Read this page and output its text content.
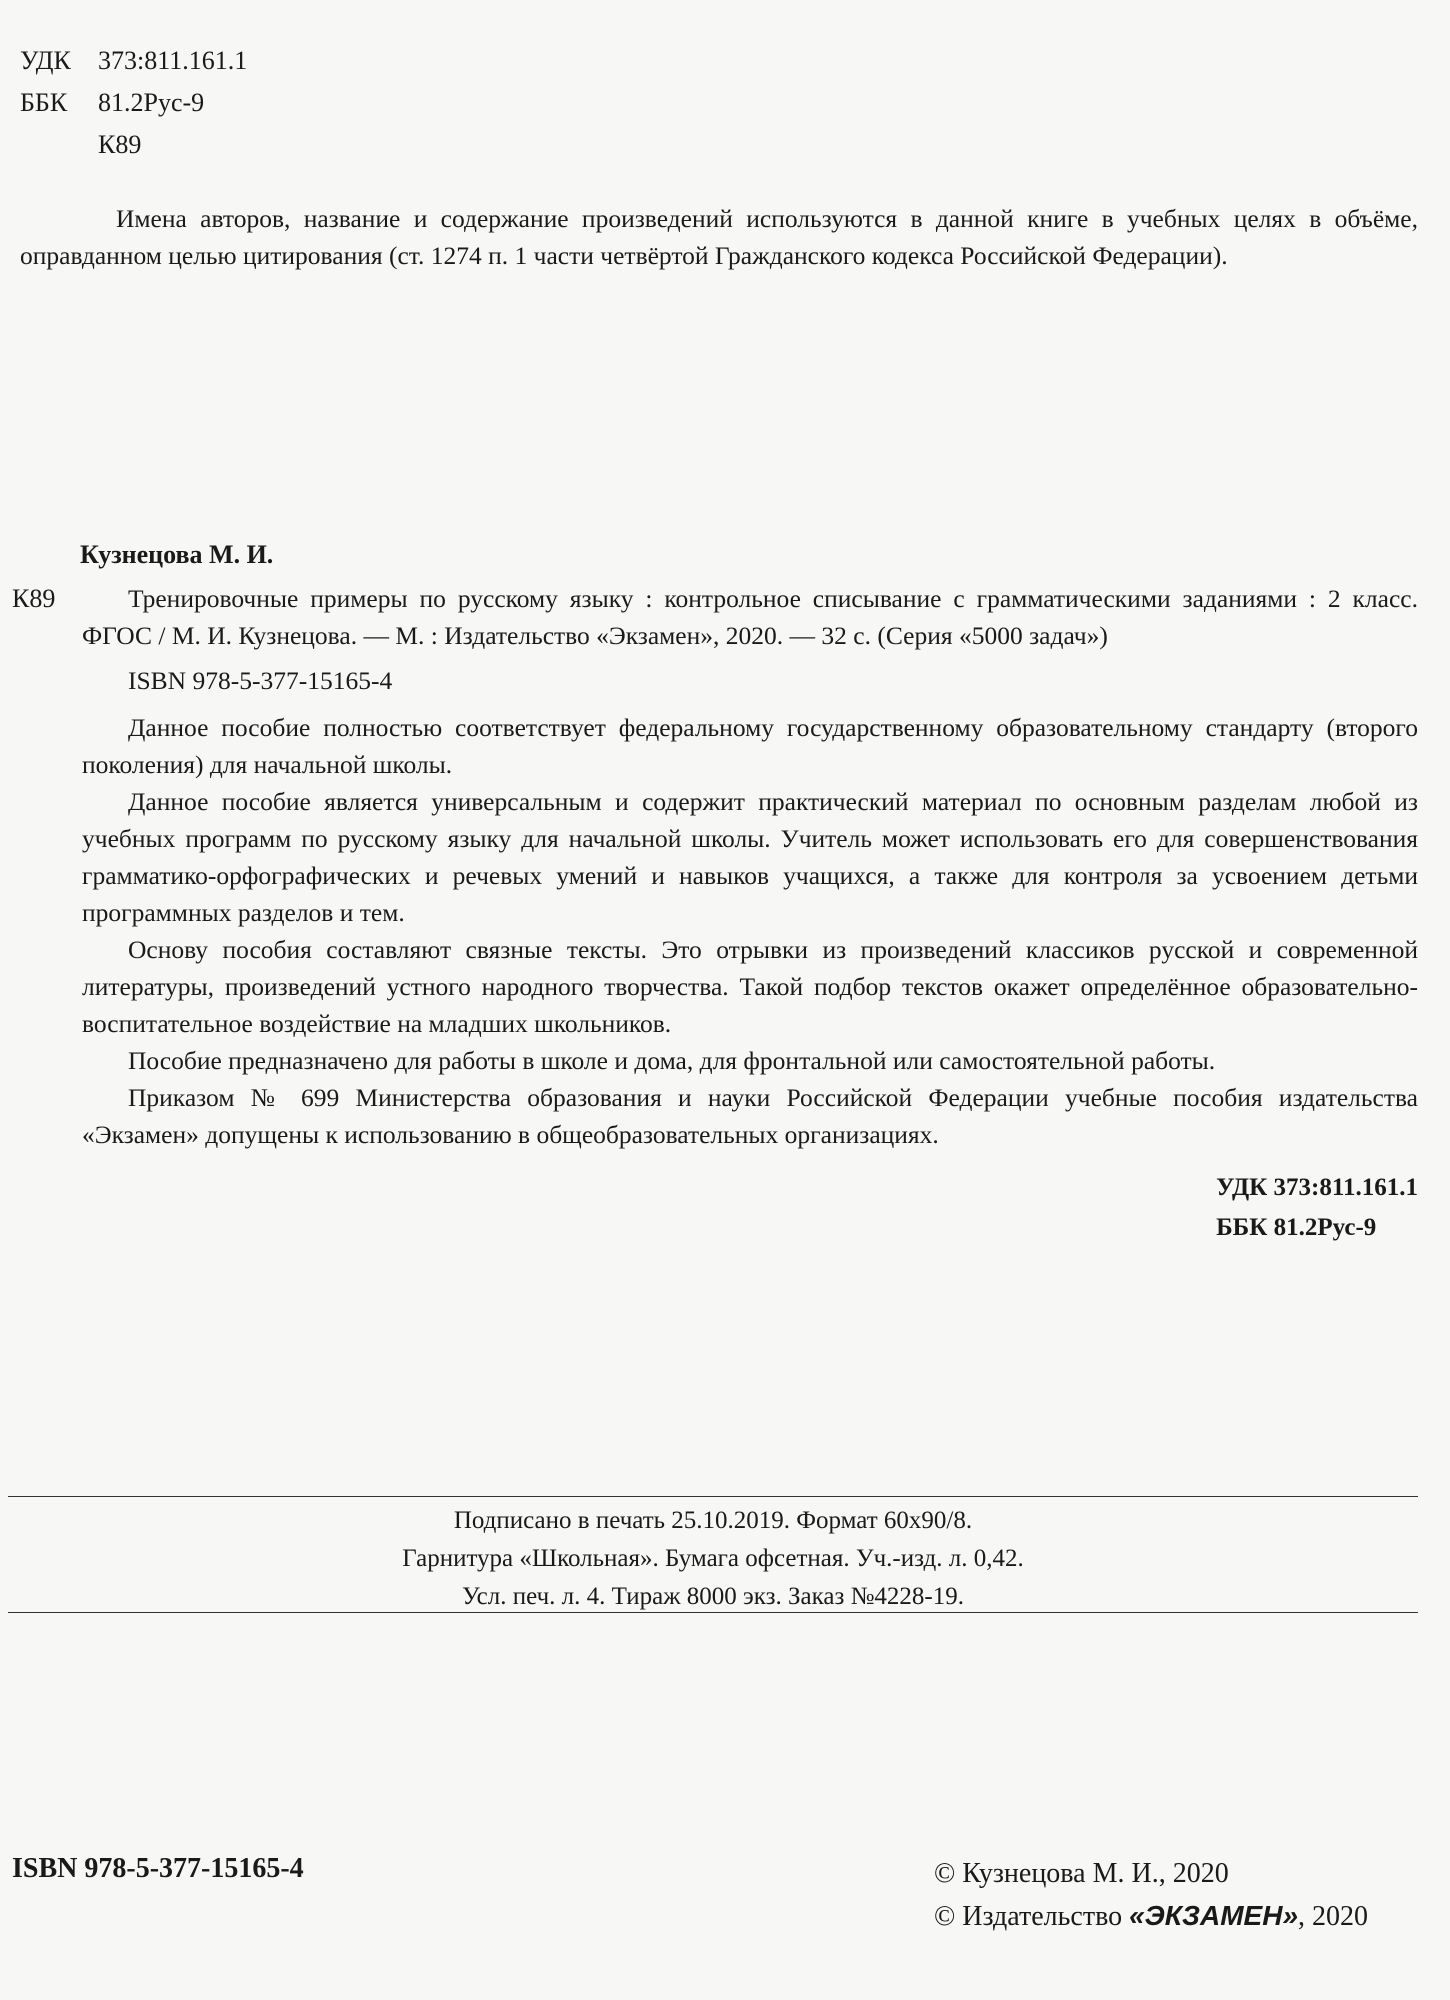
УДК 373:811.161.1
ББК 81.2Рус-9
К89

Имена авторов, название и содержание произведений используются в данной книге в учебных целях в объёме, оправданном целью цитирования (ст. 1274 п. 1 части четвёртой Гражданского кодекса Российской Федерации).

Кузнецова М. И.
К89	Тренировочные примеры по русскому языку : контрольное списывание с грамматическими заданиями : 2 класс. ФГОС / М. И. Кузнецова. — М. : Издательство «Экзамен», 2020. — 32 с. (Серия «5000 задач»)

ISBN 978-5-377-15165-4

Данное пособие полностью соответствует федеральному государственному образовательному стандарту (второго поколения) для начальной школы.

Данное пособие является универсальным и содержит практический материал по основным разделам любой из учебных программ по русскому языку для начальной школы. Учитель может использовать его для совершенствования грамматико-орфографических и речевых умений и навыков учащихся, а также для контроля за усвоением детьми программных разделов и тем.

Основу пособия составляют связные тексты. Это отрывки из произведений классиков русской и современной литературы, произведений устного народного творчества. Такой подбор текстов окажет определённое образовательно-воспитательное воздействие на младших школьников.

Пособие предназначено для работы в школе и дома, для фронтальной или самостоятельной работы.

Приказом № 699 Министерства образования и науки Российской Федерации учебные пособия издательства «Экзамен» допущены к использованию в общеобразовательных организациях.

УДК 373:811.161.1
ББК 81.2Рус-9
Подписано в печать 25.10.2019. Формат 60х90/8.
Гарнитура «Школьная». Бумага офсетная. Уч.-изд. л. 0,42.
Усл. печ. л. 4. Тираж 8000 экз. Заказ №4228-19.
ISBN 978-5-377-15165-4	© Кузнецова М. И., 2020
© Издательство «ЭКЗАМЕН», 2020
